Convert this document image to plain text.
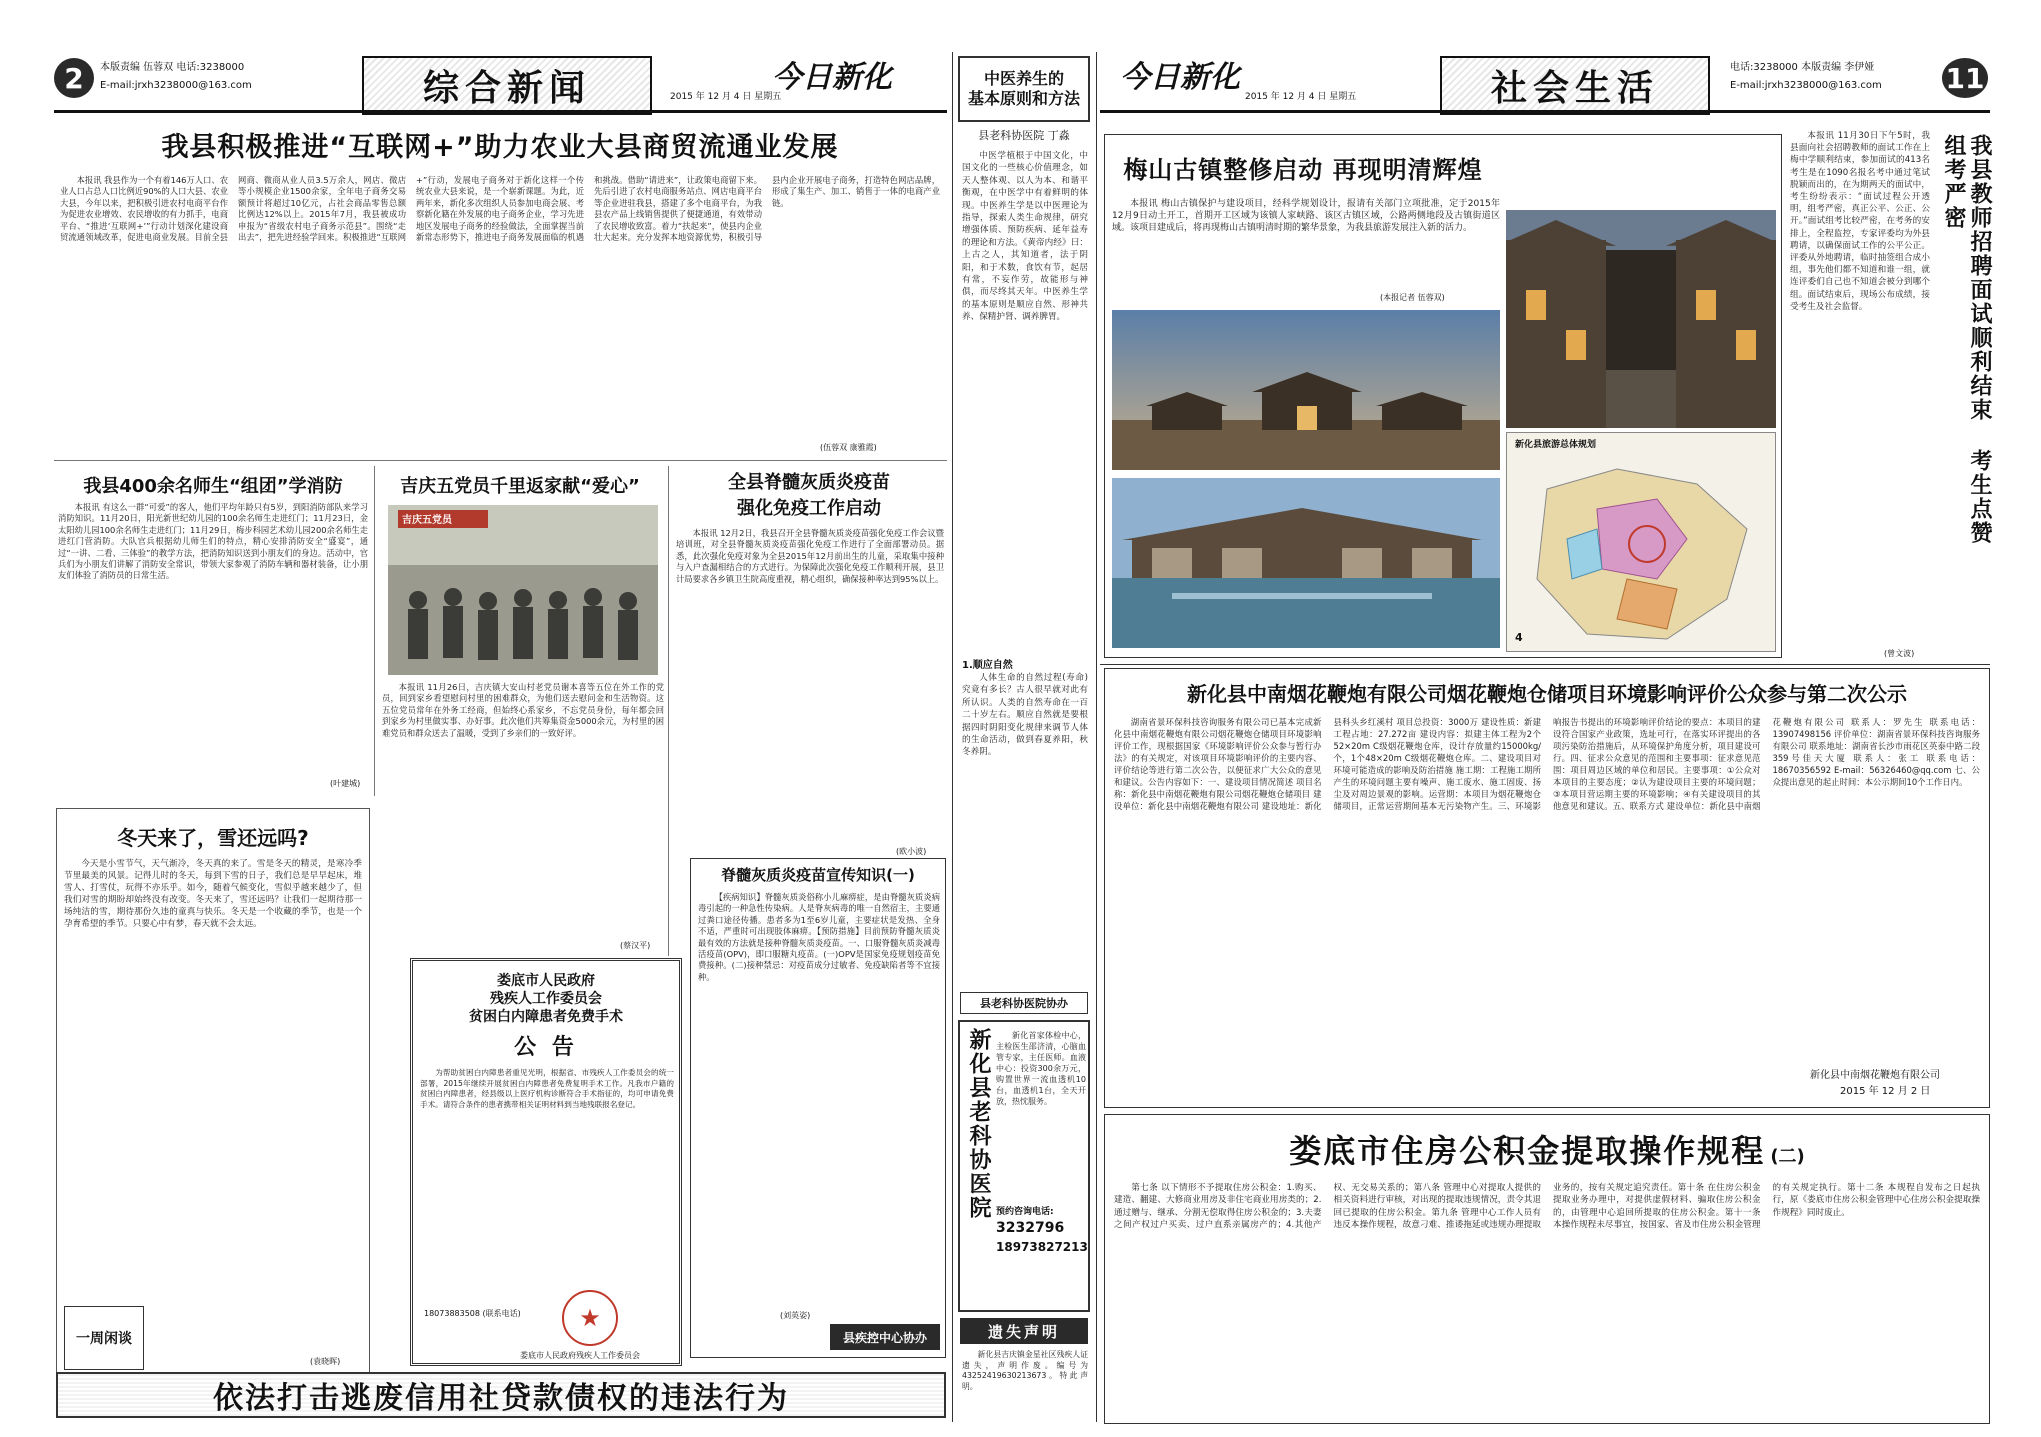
2	本版责编 伍蓉双 电话:3238000
E-mail:jrxh3238000@163.com	综合新闻	今日新化
2015 年 12 月 4 日 星期五
今日新化
2015 年 12 月 4 日 星期五	社会生活
电话:3238000 本版责编 李伊娅
E-mail:jrxh3238000@163.com 11
我县积极推进“互联网+”助力农业大县商贸流通业发展

本报讯 我县作为一个有着146万人口、农业人口占总人口比例近90%的人口大县、农业大县，今年以来，把积极引进农村电商平台作为促进农业增效、农民增收的有力抓手，电商平台、“推进‘互联网+’”行动计划深化建设商贸流通领域改革，促进电商业发展。目前全县网商、微商从业人员3.5万余人，网店、微店等小规模企业1500余家，全年电子商务交易额预计将超过10亿元，占社会商品零售总额比例达12%以上。2015年7月，我县被成功申报为“省级农村电子商务示范县”。围绕“走出去”，把先进经验学回来。积极推进“互联网+”行动，发展电子商务对于新化这样一个传统农业大县来说，是一个崭新课题。为此，近两年来，新化多次组织人员参加电商会展、考察新化籍在外发展的电子商务企业，学习先进地区发展电子商务的经验做法，全面掌握当前新常态形势下，推进电子商务发展面临的机遇和挑战。借助“请进来”，让政策电商留下来。先后引进了农村电商服务站点、网店电商平台等企业进驻我县，搭建了多个电商平台，为我县农产品上线销售提供了便捷通道，有效带动了农民增收致富。着力“扶起来”，使县内企业壮大起来。充分发挥本地资源优势，积极引导县内企业开展电子商务，打造特色网店品牌，形成了集生产、加工、销售于一体的电商产业链。

(伍蓉双 康雅霞)
我县400余名师生“组团”学消防

本报讯 有这么一群“可爱”的客人，他们平均年龄只有5岁，到阳消防部队来学习消防知识。11月20日，阳光新世纪幼儿园的100余名师生走进红门；11月23日，金太阳幼儿园100余名师生走进红门；11月29日，梅步科园艺术幼儿园200余名师生走进红门营消防。大队官兵根据幼儿师生们的特点，精心安排消防安全“盛宴”，通过“一讲、二看、三体验”的教学方法，把消防知识送到小朋友们的身边。活动中，官兵们为小朋友们讲解了消防安全常识，带领大家参观了消防车辆和器材装备，让小朋友们体验了消防员的日常生活。

(叶建城)
吉庆五党员千里返家献“爱心”
吉庆五党员

本报讯 11月26日，吉庆镇大安山村老党员谢本喜等五位在外工作的党员，回到家乡看望慰问村里的困难群众，为他们送去慰问金和生活物资。这五位党员常年在外务工经商，但始终心系家乡，不忘党员身份，每年都会回到家乡为村里做实事、办好事。此次他们共筹集资金5000余元，为村里的困难党员和群众送去了温暖，受到了乡亲们的一致好评。

(蔡汉平)
全县脊髓灰质炎疫苗
强化免疫工作启动

本报讯 12月2日，我县召开全县脊髓灰质炎疫苗强化免疫工作会议暨培训班，对全县脊髓灰质炎疫苗强化免疫工作进行了全面部署动员。据悉，此次强化免疫对象为全县2015年12月前出生的儿童，采取集中接种与入户查漏相结合的方式进行。为保障此次强化免疫工作顺利开展，县卫计局要求各乡镇卫生院高度重视，精心组织，确保接种率达到95%以上。

(欧小波)
冬天来了，雪还远吗?

今天是小雪节气，天气渐冷，冬天真的来了。雪是冬天的精灵，是寒冷季节里最美的风景。记得儿时的冬天，每到下雪的日子，我们总是早早起床，堆雪人、打雪仗，玩得不亦乐乎。如今，随着气候变化，雪似乎越来越少了，但我们对雪的期盼却始终没有改变。冬天来了，雪还远吗？让我们一起期待那一场纯洁的雪，期待那份久违的童真与快乐。冬天是一个收藏的季节，也是一个孕育希望的季节。只要心中有梦，春天就不会太远。

一周闲谈
(袁晓晖)
娄底市人民政府
残疾人工作委员会
贫困白内障患者免费手术
公 告

为帮助贫困白内障患者重见光明，根据省、市残疾人工作委员会的统一部署，2015年继续开展贫困白内障患者免费复明手术工作。凡我市户籍的贫困白内障患者，经县级以上医疗机构诊断符合手术指征的，均可申请免费手术。请符合条件的患者携带相关证明材料到当地残联报名登记。

18073883508 (联系电话)	★
娄底市人民政府残疾人工作委员会
脊髓灰质炎疫苗宣传知识(一)

【疾病知识】脊髓灰质炎俗称小儿麻痹症，是由脊髓灰质炎病毒引起的一种急性传染病。人是脊灰病毒的唯一自然宿主，主要通过粪口途径传播。患者多为1至6岁儿童，主要症状是发热、全身不适，严重时可出现肢体麻痹。【预防措施】目前预防脊髓灰质炎最有效的方法就是接种脊髓灰质炎疫苗。一、口服脊髓灰质炎减毒活疫苗(OPV)，即口服糖丸疫苗。(一)OPV是国家免疫规划疫苗免费接种。(二)接种禁忌：对疫苗成分过敏者、免疫缺陷者等不宜接种。

(刘英姿)
县疾控中心协办
依法打击逃废信用社贷款债权的违法行为
中医养生的
基本原则和方法
县老科协医院 丁淼

中医学植根于中国文化，中国文化的一些核心价值理念，如天人整体观、以人为本、和谐平衡观，在中医学中有着鲜明的体现。中医养生学是以中医理论为指导，探索人类生命规律，研究增强体质、预防疾病、延年益寿的理论和方法。《黄帝内经》曰：上古之人，其知道者，法于阴阳，和于术数，食饮有节，起居有常，不妄作劳，故能形与神俱，而尽终其天年。中医养生学的基本原则是顺应自然、形神共养、保精护肾、调养脾胃。

1.顺应自然

人体生命的自然过程(寿命)究竟有多长？古人很早就对此有所认识。人类的自然寿命在一百二十岁左右。顺应自然就是要根据四时阴阳变化规律来调节人体的生命活动，做到春夏养阳，秋冬养阴。

县老科协医院协办
新化县老科协医院	新化首家体检中心，主检医生邵济清，心脑血管专家，主任医师。血液中心：投资300余万元，购置世界一流血透机10台，血透机1台，全天开放，热忱服务。

预约咨询电话:
3232796
18973827213
遗失声明

新化县吉庆镇金星社区残疾人证遗失，声明作废。编号为43252419630213673。特此声明。

梅山古镇整修启动 再现明清辉煌

本报讯 梅山古镇保护与建设项目，经科学规划设计，报请有关部门立项批准，定于2015年12月9日动土开工，首期开工区域为该镇人家峡路、该区古镇区域，公路两侧地段及古镇街道区域。该项目建成后，将再现梅山古镇明清时期的繁华景象，为我县旅游发展注入新的活力。

(本报记者 伍蓉双)
新化县旅游总体规划
4

本报讯 11月30日下午5时，我县面向社会招聘教师的面试工作在上梅中学顺利结束，参加面试的413名考生是在1090名报名考中通过笔试脱颖而出的，在为期两天的面试中，考生纷纷表示：“面试过程公开透明，组考严密，真正公平、公正、公开。”面试组考比较严密，在考务的安排上，全程监控，专家评委均为外县聘请，以确保面试工作的公平公正。评委从外地聘请，临时抽签组合成小组，事先他们都不知道和谁一组，就连评委们自己也不知道会被分到哪个组。面试结束后，现场公布成绩，接受考生及社会监督。	我县教师招聘面试顺利结束 考生点赞组考严密
(曾文波)
新化县中南烟花鞭炮有限公司烟花鞭炮仓储项目环境影响评价公众参与第二次公示

湖南省景环保科技咨询服务有限公司已基本完成新化县中南烟花鞭炮有限公司烟花鞭炮仓储项目环境影响评价工作，现根据国家《环境影响评价公众参与暂行办法》的有关规定，对该项目环境影响评价的主要内容、评价结论等进行第二次公告，以便征求广大公众的意见和建议。公告内容如下：一、建设项目情况简述 项目名称：新化县中南烟花鞭炮有限公司烟花鞭炮仓储项目 建设单位：新化县中南烟花鞭炮有限公司 建设地址：新化县科头乡红溪村 项目总投资：3000万 建设性质：新建 工程占地：27.272亩 建设内容：拟建主体工程为2个52×20m C级烟花鞭炮仓库，设计存放量约15000kg/个，1个48×20m C级烟花鞭炮仓库。二、建设项目对环境可能造成的影响及防治措施 施工期：工程施工期所产生的环境问题主要有噪声、施工废水、施工固废、扬尘及对周边景观的影响。运营期：本项目为烟花鞭炮仓储项目，正常运营期间基本无污染物产生。三、环境影响报告书提出的环境影响评价结论的要点：本项目的建设符合国家产业政策，选址可行，在落实环评提出的各项污染防治措施后，从环境保护角度分析，项目建设可行。四、征求公众意见的范围和主要事项：征求意见范围：项目周边区域的单位和居民。主要事项：①公众对本项目的主要态度；②认为建设项目主要的环境问题；③本项目营运期主要的环境影响；④有关建设项目的其他意见和建议。五、联系方式 建设单位：新化县中南烟花鞭炮有限公司 联系人：罗先生 联系电话：13907498156 评价单位：湖南省景环保科技咨询服务有限公司 联系地址：湖南省长沙市雨花区英泰中路二段359号佳天大厦 联系人：张工 联系电话：18670356592 E-mail：56326460@qq.com 七、公众提出意见的起止时间：本公示期间10个工作日内。

新化县中南烟花鞭炮有限公司
2015 年 12 月 2 日
娄底市住房公积金提取操作规程 (二)

第七条 以下情形不予提取住房公积金：1.购买、建造、翻建、大修商业用房及非住宅商业用房类的；2.通过赠与、继承、分割无偿取得住房公积金的；3.夫妻之间产权过户买卖、过户直系亲属房产的；4.其他产权、无交易关系的；第八条 管理中心对提取人提供的相关资料进行审核，对出现的提取违规情况，责令其退回已提取的住房公积金。第九条 管理中心工作人员有违反本操作规程，故意刁难、推诿拖延或违规办理提取业务的，按有关规定追究责任。第十条 在住房公积金提取业务办理中，对提供虚假材料、骗取住房公积金的，由管理中心追回所提取的住房公积金。第十一条 本操作规程未尽事宜，按国家、省及市住房公积金管理的有关规定执行。第十二条 本规程自发布之日起执行，原《娄底市住房公积金管理中心住房公积金提取操作规程》同时废止。
